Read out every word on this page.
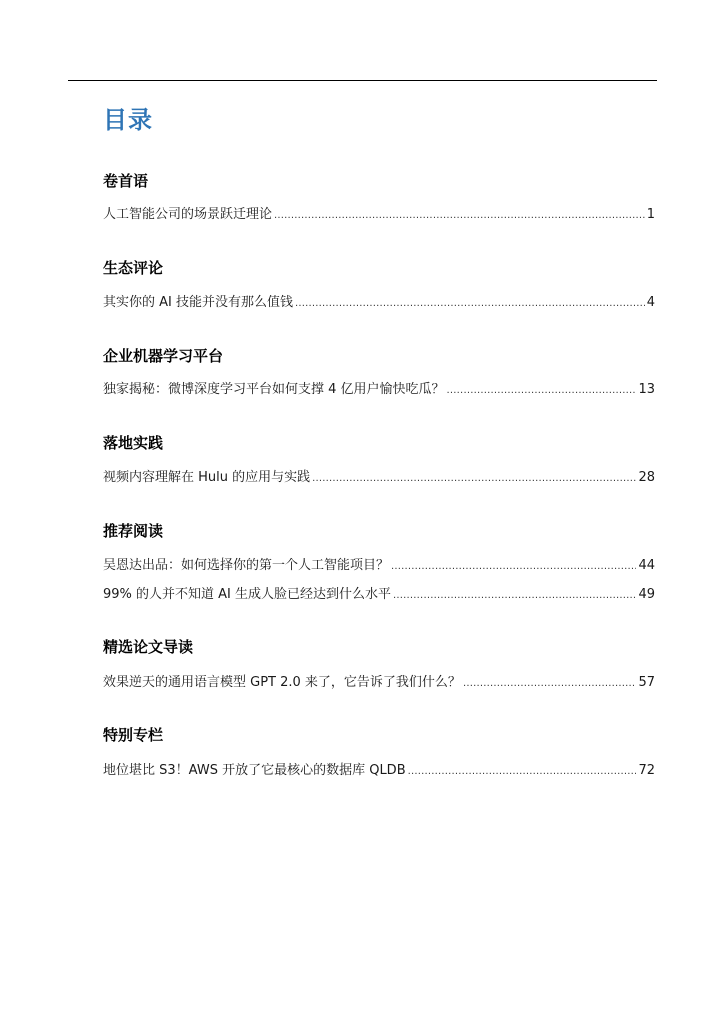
目录
卷首语
人工智能公司的场景跃迁理论 .....	1
生态评论
其实你的 AI 技能并没有那么值钱 .....	4
企业机器学习平台
独家揭秘：微博深度学习平台如何支撑 4 亿用户愉快吃瓜？ .....	13
落地实践
视频内容理解在 Hulu 的应用与实践 .....	28
推荐阅读
吴恩达出品：如何选择你的第一个人工智能项目？ .....	44
99% 的人并不知道 AI 生成人脸已经达到什么水平 .....	49
精选论文导读
效果逆天的通用语言模型 GPT 2.0 来了，它告诉了我们什么？ .....	57
特别专栏
地位堪比 S3！AWS 开放了它最核心的数据库 QLDB .....	72
